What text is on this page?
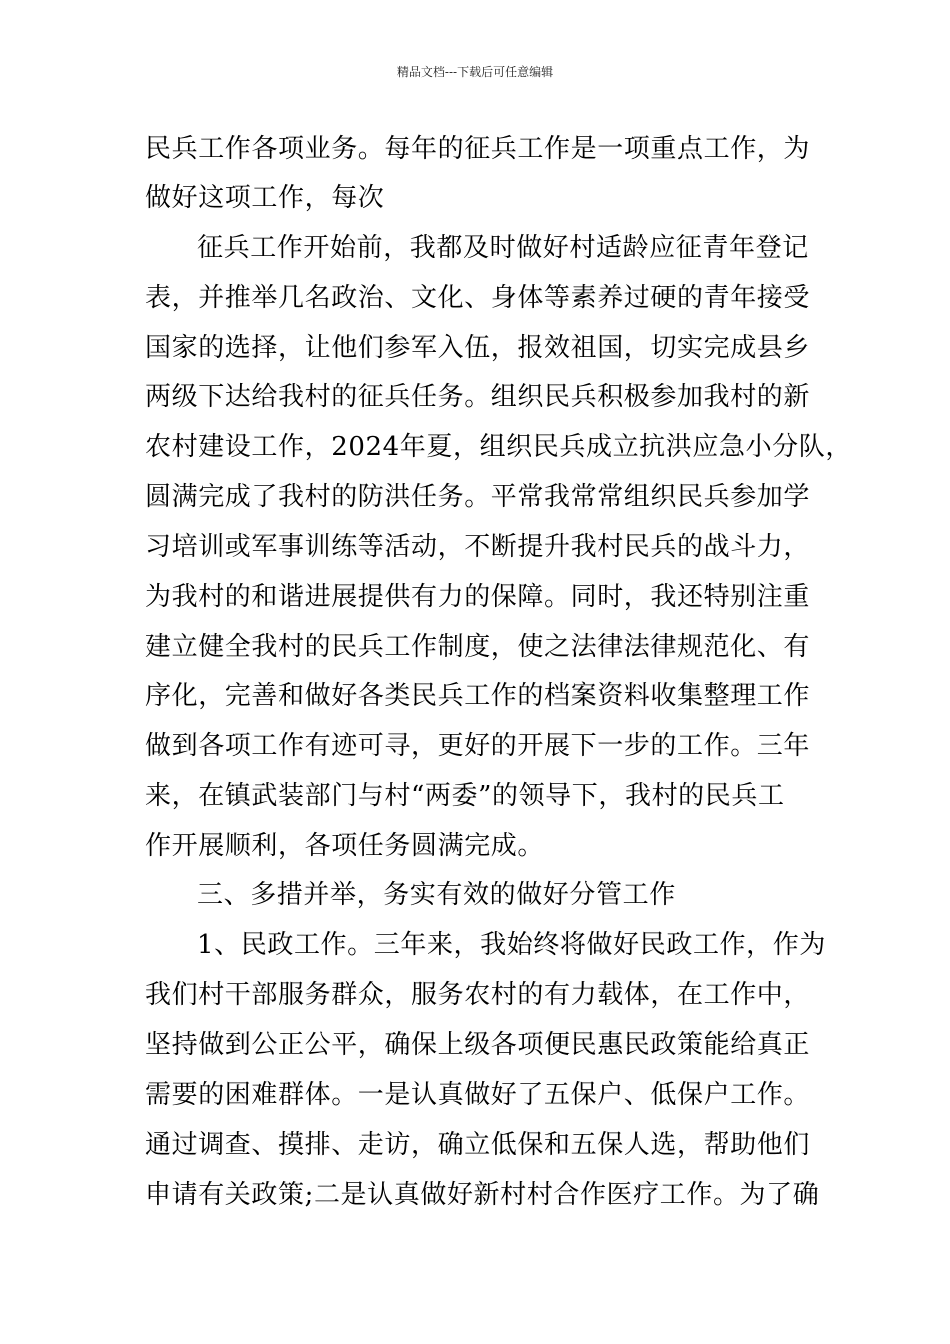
精品文档---下载后可任意编辑
民兵工作各项业务。每年的征兵工作是一项重点工作，为
做好这项工作，每次
征兵工作开始前，我都及时做好村适龄应征青年登记
表，并推举几名政治、文化、身体等素养过硬的青年接受
国家的选择，让他们参军入伍，报效祖国，切实完成县乡
两级下达给我村的征兵任务。组织民兵积极参加我村的新
农村建设工作，2024年夏，组织民兵成立抗洪应急小分队，
圆满完成了我村的防洪任务。平常我常常组织民兵参加学
习培训或军事训练等活动，不断提升我村民兵的战斗力，
为我村的和谐进展提供有力的保障。同时，我还特别注重
建立健全我村的民兵工作制度，使之法律法律规范化、有
序化，完善和做好各类民兵工作的档案资料收集整理工作
做到各项工作有迹可寻，更好的开展下一步的工作。三年
来，在镇武装部门与村“两委”的领导下，我村的民兵工
作开展顺利，各项任务圆满完成。
三、多措并举，务实有效的做好分管工作
1、民政工作。三年来，我始终将做好民政工作，作为
我们村干部服务群众，服务农村的有力载体，在工作中，
坚持做到公正公平，确保上级各项便民惠民政策能给真正
需要的困难群体。一是认真做好了五保户、低保户工作。
通过调查、摸排、走访，确立低保和五保人选，帮助他们
申请有关政策;二是认真做好新村村合作医疗工作。为了确
